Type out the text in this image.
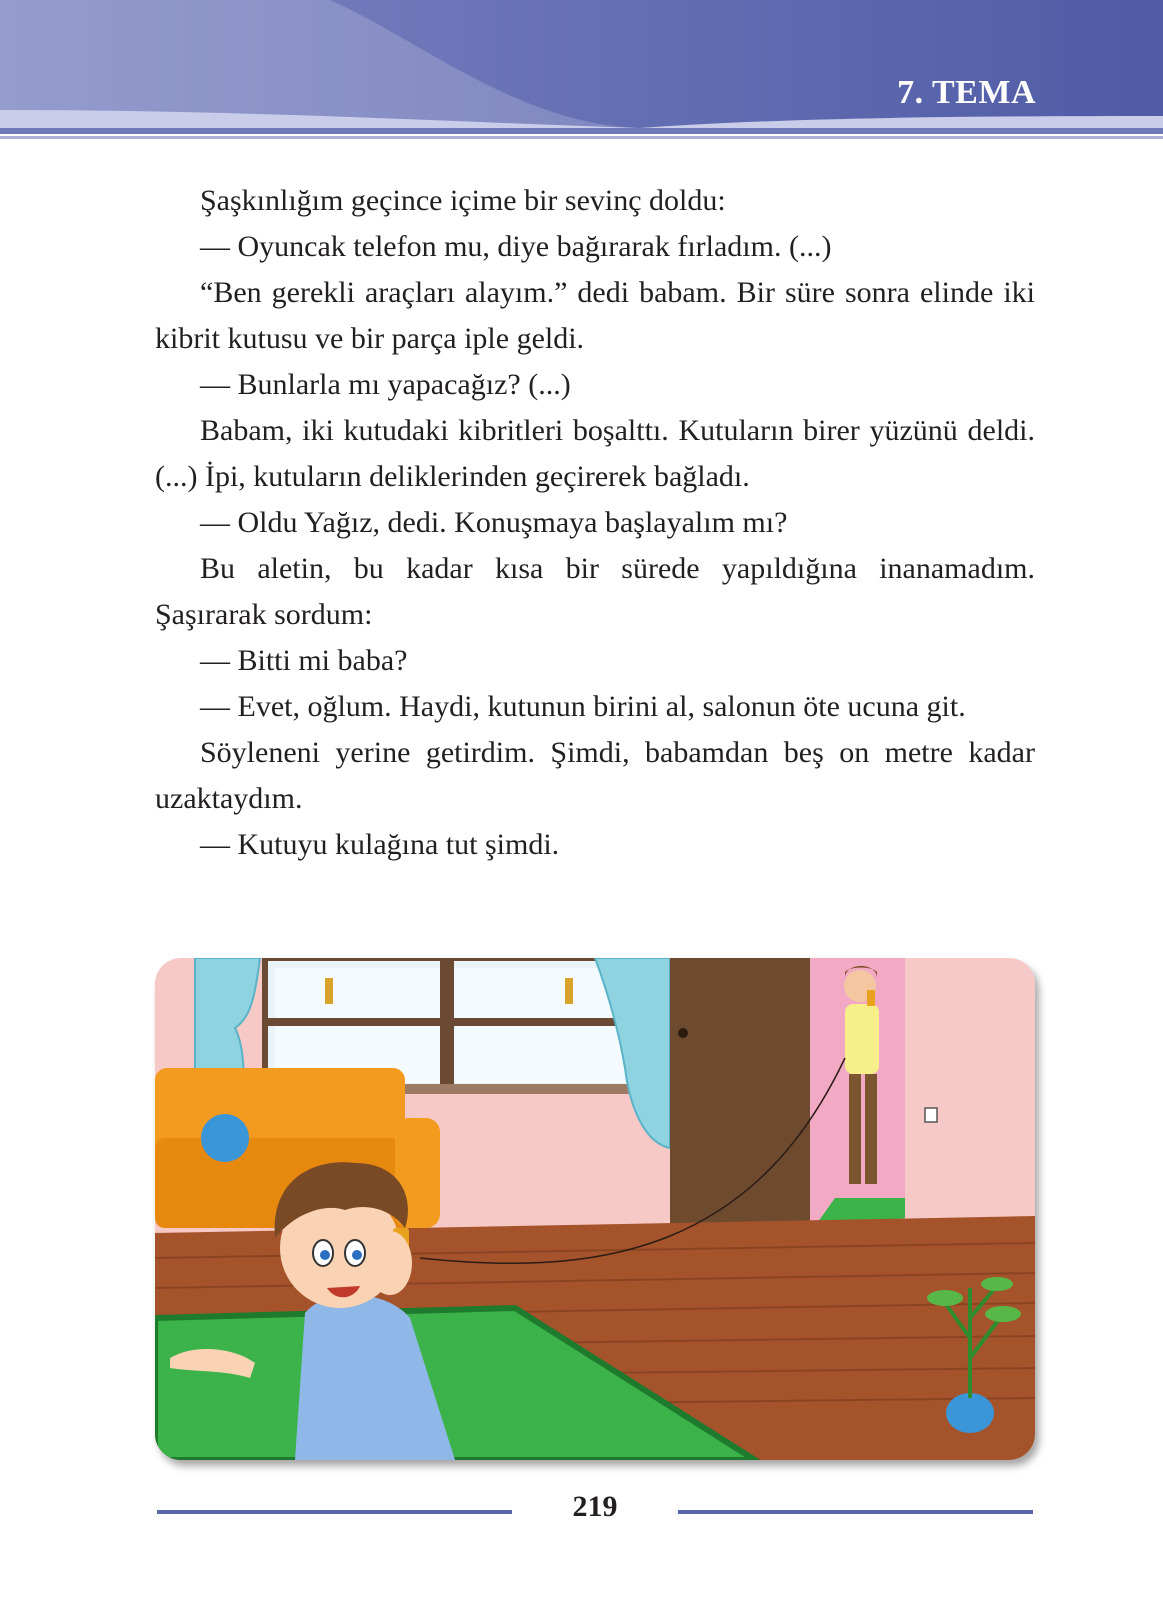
7. TEMA

Şaşkınlığım geçince içime bir sevinç doldu:

— Oyuncak telefon mu, diye bağırarak fırladım. (...)

“Ben gerekli araçları alayım.” dedi babam. Bir süre sonra elinde iki kibrit kutusu ve bir parça iple geldi.

— Bunlarla mı yapacağız? (...)

Babam, iki kutudaki kibritleri boşalttı. Kutuların birer yüzünü deldi. (...) İpi, kutuların deliklerinden geçirerek bağladı.

— Oldu Yağız, dedi. Konuşmaya başlayalım mı?

Bu aletin, bu kadar kısa bir sürede yapıldığına inanamadım. Şaşırarak sordum:

— Bitti mi baba?

— Evet, oğlum. Haydi, kutunun birini al, salonun öte ucuna git.

Söyleneni yerine getirdim. Şimdi, babamdan beş on metre kadar uzaktaydım.

— Kutuyu kulağına tut şimdi.

219
